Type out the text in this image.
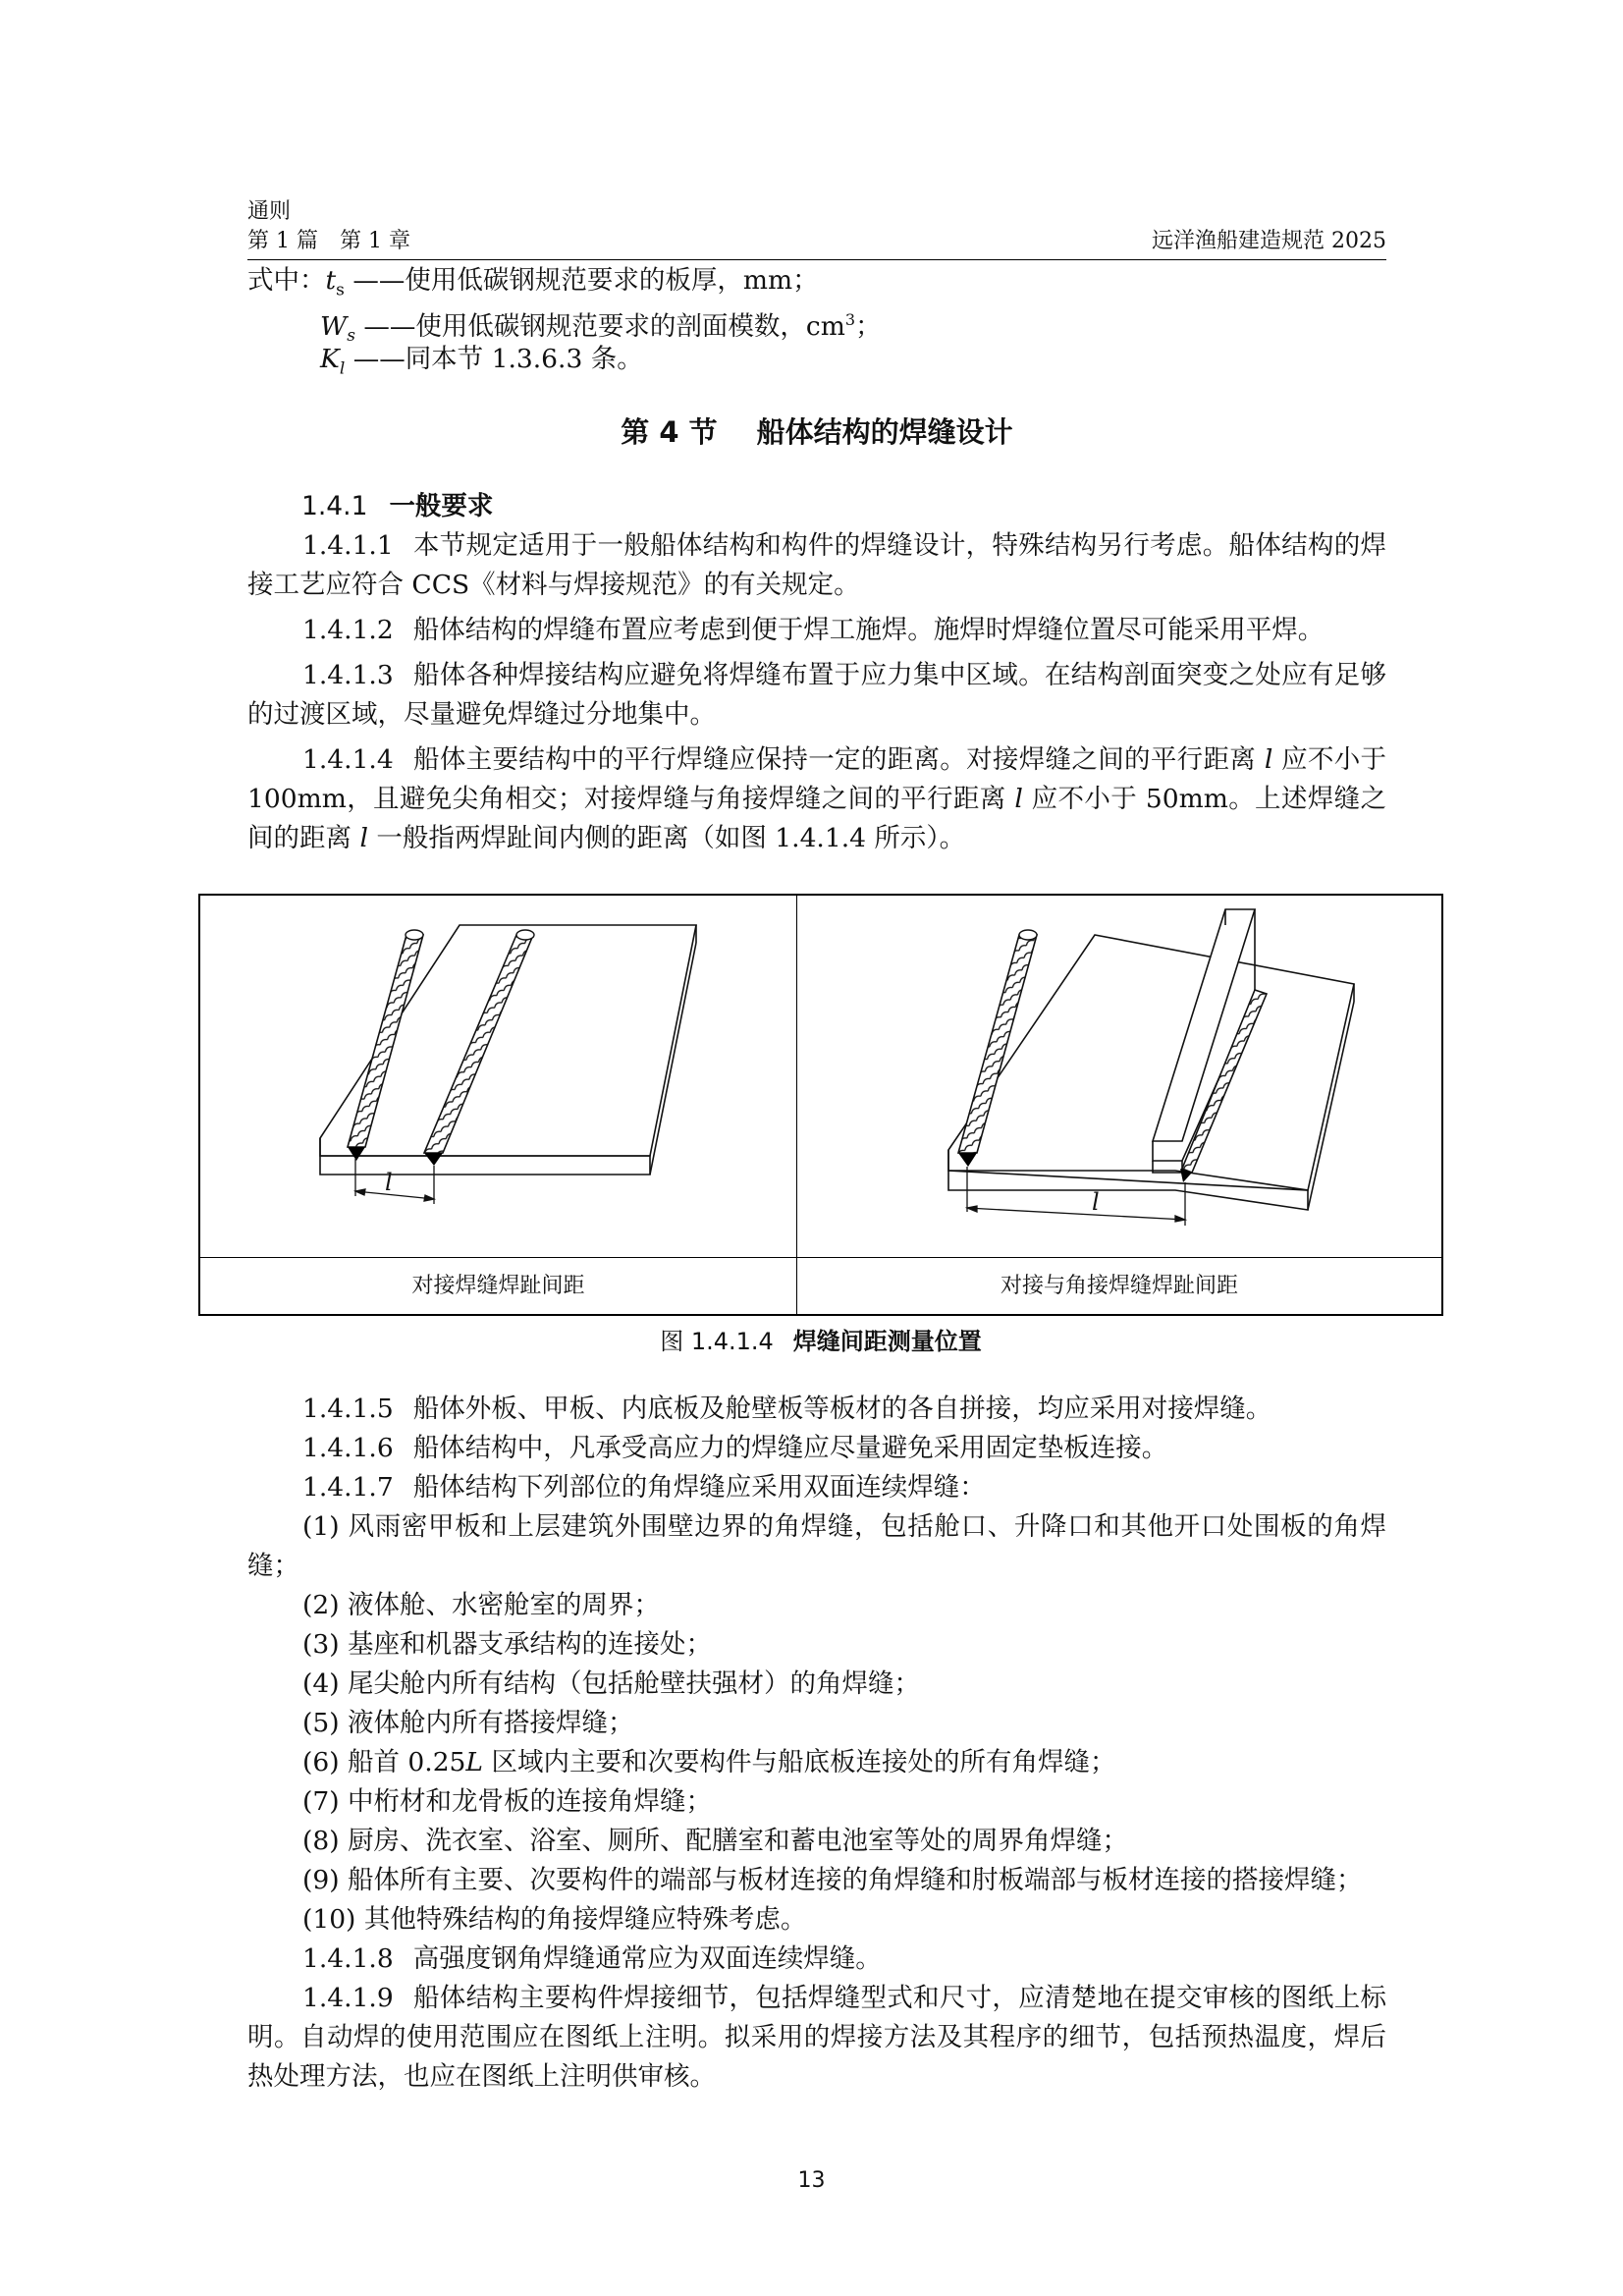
通则
第 1 篇　第 1 章	远洋渔船建造规范 2025
式中：$t_s$ ——使用低碳钢规范要求的板厚，mm；
$W_s$ ——使用低碳钢规范要求的剖面模数，$cm^3$；
$K_l$ ——同本节 1.3.6.3 条。
第 4 节 船体结构的焊缝设计
1.4.1 一般要求

1.4.1.1 本节规定适用于一般船体结构和构件的焊缝设计，特殊结构另行考虑。船体结构的焊接工艺应符合 CCS《材料与焊接规范》的有关规定。

1.4.1.2 船体结构的焊缝布置应考虑到便于焊工施焊。施焊时焊缝位置尽可能采用平焊。

1.4.1.3 船体各种焊接结构应避免将焊缝布置于应力集中区域。在结构剖面突变之处应有足够的过渡区域，尽量避免焊缝过分地集中。

1.4.1.4 船体主要结构中的平行焊缝应保持一定的距离。对接焊缝之间的平行距离 l 应不小于 100mm，且避免尖角相交；对接焊缝与角接焊缝之间的平行距离 l 应不小于 50mm。上述焊缝之间的距离 l 一般指两焊趾间内侧的距离（如图 1.4.1.4 所示）。

l
l
对接焊缝焊趾间距	对接与角接焊缝焊趾间距
图 1.4.1.4 焊缝间距测量位置

1.4.1.5 船体外板、甲板、内底板及舱壁板等板材的各自拼接，均应采用对接焊缝。

1.4.1.6 船体结构中，凡承受高应力的焊缝应尽量避免采用固定垫板连接。

1.4.1.7 船体结构下列部位的角焊缝应采用双面连续焊缝：

(1) 风雨密甲板和上层建筑外围壁边界的角焊缝，包括舱口、升降口和其他开口处围板的角焊缝；

(2) 液体舱、水密舱室的周界；

(3) 基座和机器支承结构的连接处；

(4) 尾尖舱内所有结构（包括舱壁扶强材）的角焊缝；

(5) 液体舱内所有搭接焊缝；

(6) 船首 0.25L 区域内主要和次要构件与船底板连接处的所有角焊缝；

(7) 中桁材和龙骨板的连接角焊缝；

(8) 厨房、洗衣室、浴室、厕所、配膳室和蓄电池室等处的周界角焊缝；

(9) 船体所有主要、次要构件的端部与板材连接的角焊缝和肘板端部与板材连接的搭接焊缝；

(10) 其他特殊结构的角接焊缝应特殊考虑。

1.4.1.8 高强度钢角焊缝通常应为双面连续焊缝。

1.4.1.9 船体结构主要构件焊接细节，包括焊缝型式和尺寸，应清楚地在提交审核的图纸上标明。自动焊的使用范围应在图纸上注明。拟采用的焊接方法及其程序的细节，包括预热温度，焊后热处理方法，也应在图纸上注明供审核。

13
